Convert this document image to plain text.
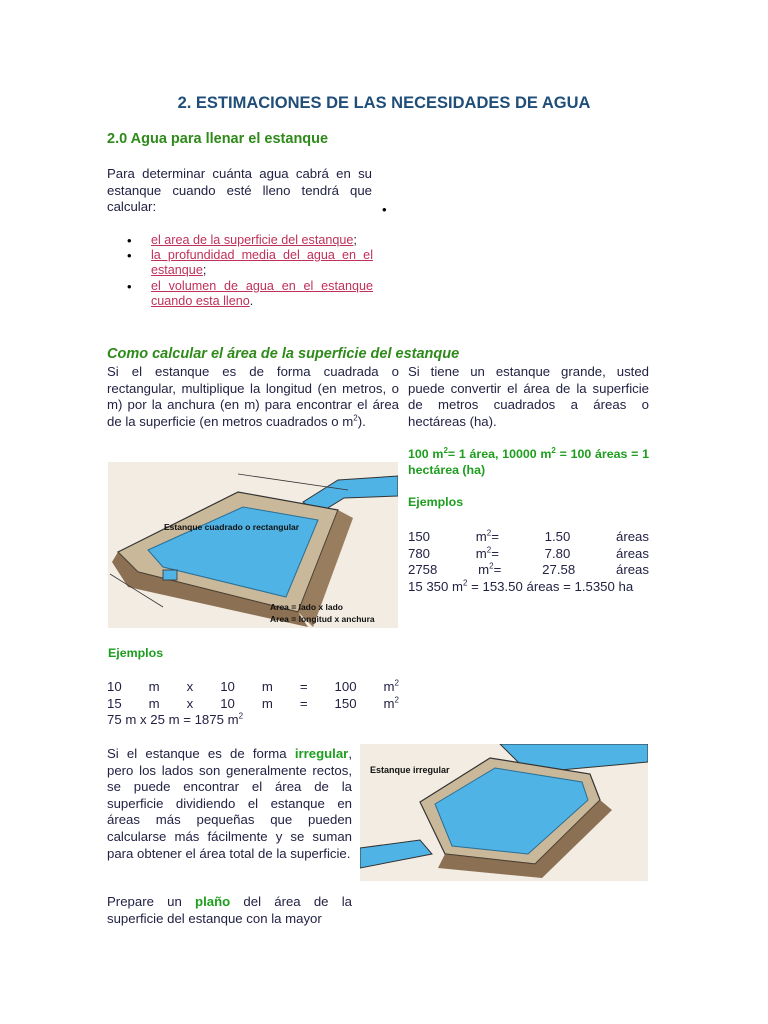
2. ESTIMACIONES DE LAS NECESIDADES DE AGUA
2.0 Agua para llenar el estanque
Para determinar cuánta agua cabrá en su estanque cuando esté lleno tendrá que calcular:	•
• el area de la superficie del estanque;
• la profundidad media del agua en el estanque;
• el volumen de agua en el estanque cuando esta lleno.
Como calcular el área de la superficie del estanque
Si el estanque es de forma cuadrada o rectangular, multiplique la longitud (en metros, o m) por la anchura (en m) para encontrar el área de la superficie (en metros cuadrados o $m^2$).
Si tiene un estanque grande, usted puede convertir el área de la superficie de metros cuadrados a áreas o hectáreas (ha).
100 $m^2= 1$ área, 10000 $m^2 = 100$ áreas = 1 hectárea (ha)
Ejemplos
150	$m^2=$	1.50	áreas
780	$m^2=$	7.80	áreas
2758	$m^2=$	27.58	áreas
15 350 $m^2 = 153.50$ áreas = 1.5350 ha
Estanque cuadrado o rectangular
Area = lado x lado
Area = longitud x anchura
Ejemplos
10 m x 10 m = 100 $m^2$
15 m x 10 m = 150 $m^2$
75 m x 25 m = 1875 $m^2$
Si el estanque es de forma irregular, pero los lados son generalmente rectos, se puede encontrar el área de la superficie dividiendo el estanque en áreas más pequeñas que pueden calcularse más fácilmente y se suman para obtener el área total de la superficie.
Estanque irregular
Prepare un plaño del área de la superficie del estanque con la mayor
